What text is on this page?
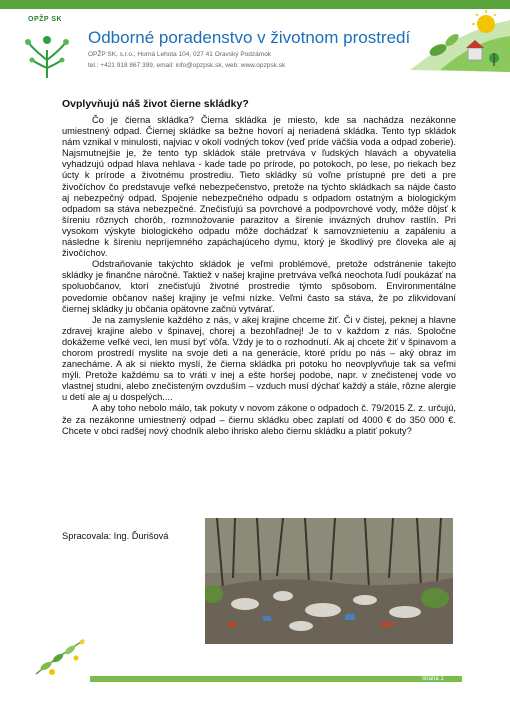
OPŽP SK
Odborné poradenstvo v životnom prostredí
OPŽP SK, s.r.o., Horná Lehota 104, 027 41 Oravský Podzámok
tel.: +421 918 867 399, email: info@opzpsk.sk, web: www.opzpsk.sk
Ovplyvňujú náš život čierne skládky?

Čo je čierna skládka? Čierna skládka je miesto, kde sa nachádza nezákonne umiestnený odpad. Čiernej skládke sa bežne hovorí aj neriadená skládka. Tento typ skládok nám vznikal v minulosti, najviac v okolí vodných tokov (veď príde väčšia voda a odpad zoberie). Najsmutnejšie je, že tento typ skládok stále pretrváva v ľudských hlavách a obyvatelia vyhadzujú odpad hlava nehlava - kade tade po prírode, po potokoch, po lese, po riekach bez úcty k prírode a životnému prostrediu. Tieto skládky sú voľne prístupné pre deti a pre živočíchov čo predstavuje veľké nebezpečenstvo, pretože na týchto skládkach sa nájde často aj nebezpečný odpad. Spojenie nebezpečného odpadu s odpadom ostatným a biologickým odpadom sa stáva nebezpečné. Znečisťujú sa povrchové a podpovrchové vody, môže dôjsť k šíreniu rôznych chorôb, rozmnožovanie parazitov a šírenie invázných druhov rastlín. Pri vysokom výskyte biologického odpadu môže dochádzať k samovznieteniu a zapáleniu a následne k šíreniu nepríjemného zapáchajúceho dymu, ktorý je škodlivý pre človeka ale aj živočíchov.

Odstraňovanie takýchto skládok je veľmi problémové, pretože odstránenie takejto skládky je finančne náročné. Taktiež v našej krajine pretrváva veľká neochota ľudí poukázať na spoluobčanov, ktorí znečisťujú životné prostredie týmto spôsobom. Environmentálne povedomie občanov našej krajiny je veľmi nízke. Veľmi často sa stáva, že po zlikvidovaní čiernej skládky ju občania opätovne začnú vytvárať.

Je na zamyslenie každého z nás, v akej krajine chceme žiť. Či v čistej, peknej a hlavne zdravej krajine alebo v špinavej, chorej a bezohľadnej! Je to v každom z nás. Spoločne dokážeme veľké veci, len musí byť vôľa. Vždy je to o rozhodnutí. Ak aj chcete žiť v špinavom a chorom prostredí myslite na svoje deti a na generácie, ktoré prídu po nás – aký obraz im zanecháme. A ak si niekto myslí, že čierna skládka pri potoku ho neovplyvňuje tak sa veľmi mýli. Pretože každému sa to vráti v inej a ešte horšej podobe, napr. v znečistenej vode vo vlastnej studni, alebo znečisteným ovzduším – vzduch musí dýchať každý a stále, rôzne alergie u detí ale aj u dospelých....

A aby toho nebolo málo, tak pokuty v novom zákone o odpadoch č. 79/2015 Z. z. určujú, že za nezákonne umiestnený odpad – čiernu skládku obec zaplatí od 4000 € do 350 000 €. Chcete v obci radšej nový chodník alebo ihrisko alebo čiernu skládku a platiť pokuty?

Spracovala: Ing. Ďurišová
strana 1
